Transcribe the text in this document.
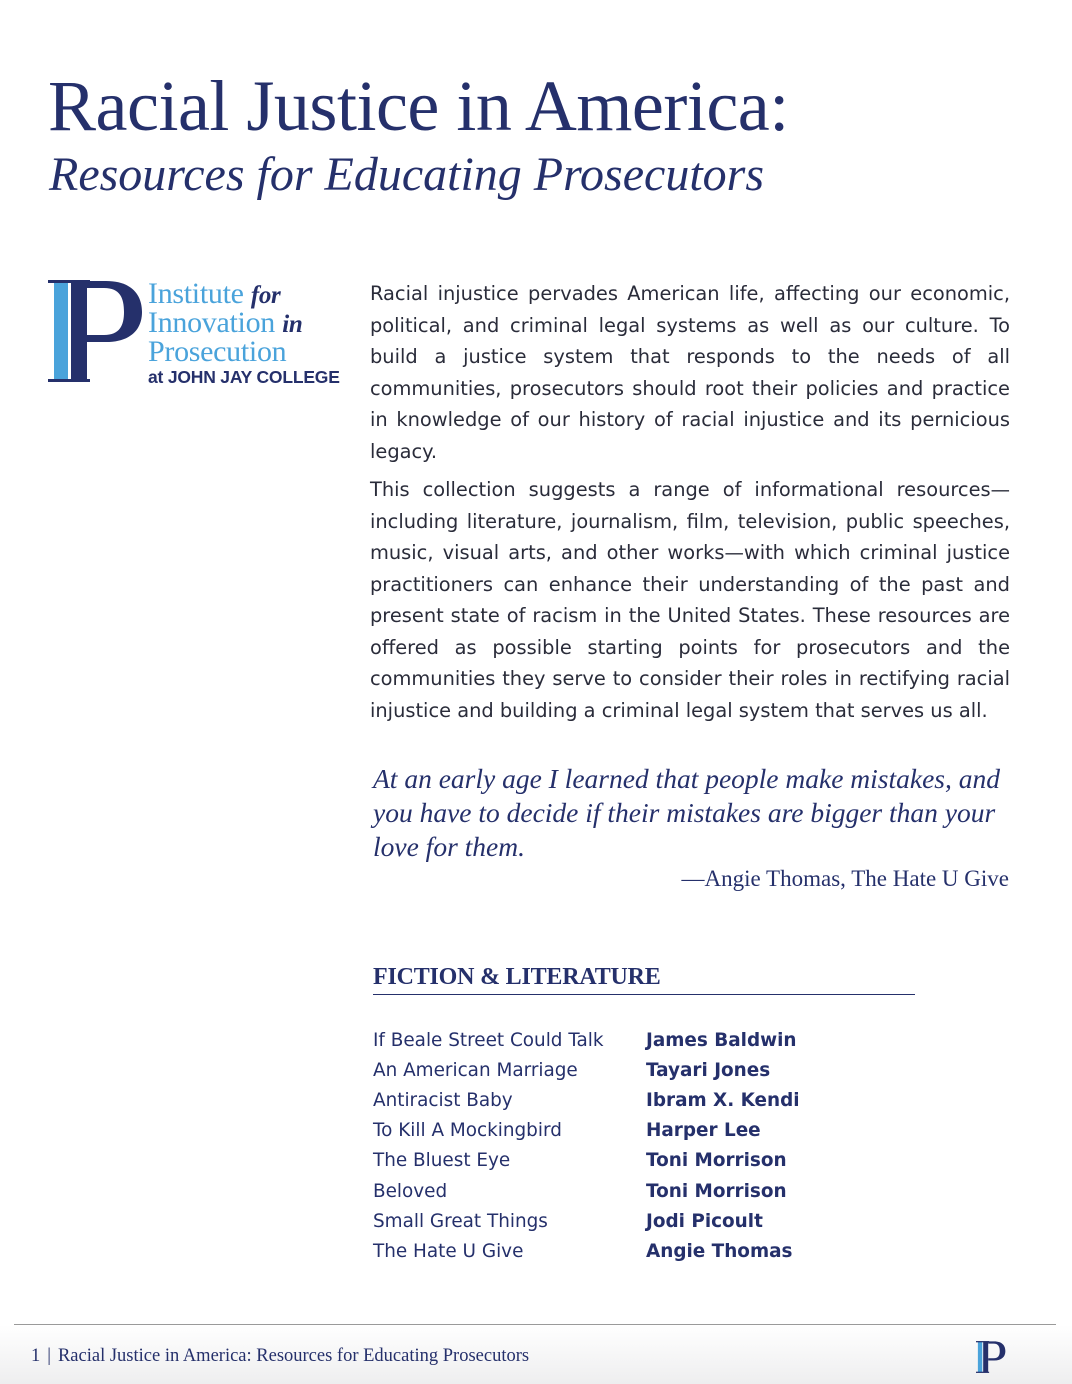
Racial Justice in America:
Resources for Educating Prosecutors
Institute for
Innovation in
Prosecution
at JOHN JAY COLLEGE

Racial injustice pervades American life, affecting our economic, political, and criminal legal systems as well as our culture. To build a justice system that responds to the needs of all communities, prosecutors should root their policies and practice in knowledge of our history of racial injustice and its pernicious legacy.

This collection suggests a range of informational resources—including literature, journalism, film, television, public speeches, music, visual arts, and other works—with which criminal justice practitioners can enhance their understanding of the past and present state of racism in the United States. These resources are offered as possible starting points for prosecutors and the communities they serve to consider their roles in rectifying racial injustice and building a criminal legal system that serves us all.

At an early age I learned that people make mistakes, and you have to decide if their mistakes are bigger than your love for them.

—Angie Thomas, The Hate U Give
FICTION & LITERATURE
If Beale Street Could Talk	James Baldwin
An American Marriage	Tayari Jones
Antiracist Baby	Ibram X. Kendi
To Kill A Mockingbird	Harper Lee
The Bluest Eye	Toni Morrison
Beloved	Toni Morrison
Small Great Things	Jodi Picoult
The Hate U Give	Angie Thomas
1 | Racial Justice in America: Resources for Educating Prosecutors
